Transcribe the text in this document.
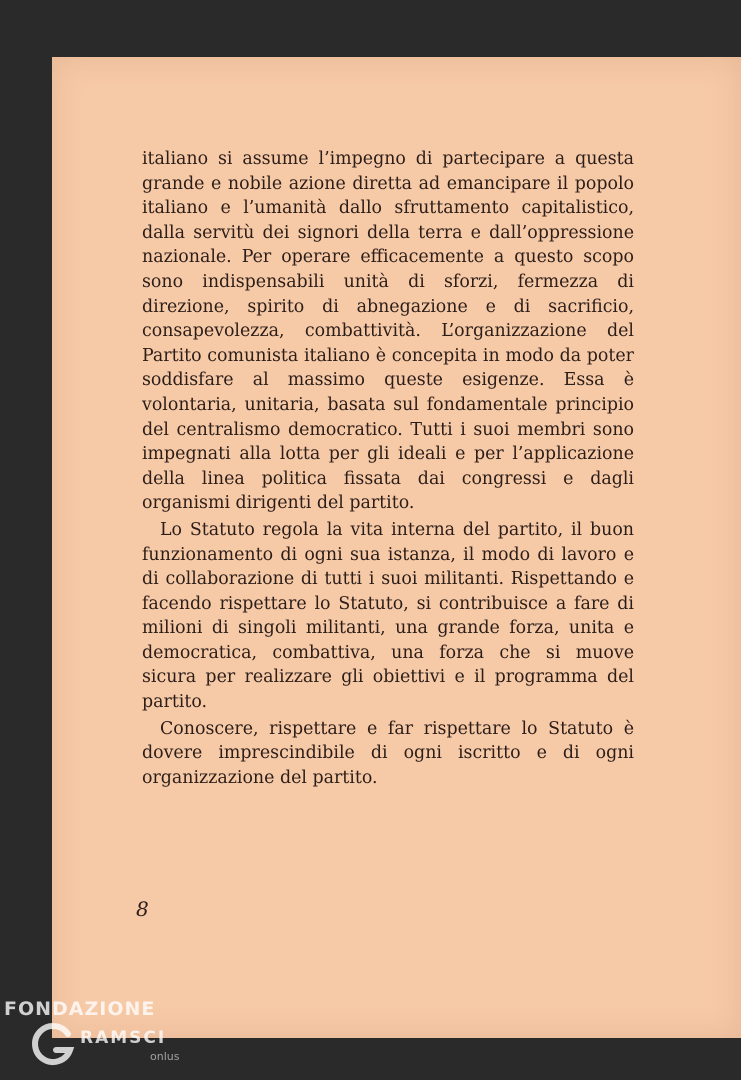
italiano si assume l’impegno di partecipare a questa grande e nobile azione diretta ad emancipare il popolo italiano e l’umanità dallo sfruttamento capitalistico, dalla servitù dei signori della terra e dall’oppressione nazionale. Per operare efficacemente a questo scopo sono indispensabili unità di sforzi, fermezza di direzione, spirito di abnegazione e di sacrificio, consapevolezza, combattività. L’organizzazione del Partito comunista italiano è concepita in modo da poter soddisfare al massimo queste esigenze. Essa è volontaria, unitaria, basata sul fondamentale principio del centralismo democratico. Tutti i suoi membri sono impegnati alla lotta per gli ideali e per l’applicazione della linea politica fissata dai congressi e dagli organismi dirigenti del partito.

Lo Statuto regola la vita interna del partito, il buon funzionamento di ogni sua istanza, il modo di lavoro e di collaborazione di tutti i suoi militanti. Rispettando e facendo rispettare lo Statuto, si contribuisce a fare di milioni di singoli militanti, una grande forza, unita e democratica, combattiva, una forza che si muove sicura per realizzare gli obiettivi e il programma del partito.

Conoscere, rispettare e far rispettare lo Statuto è dovere imprescindibile di ogni iscritto e di ogni organizzazione del partito.

8
FONDAZIONE
RAMSCI
onlus
